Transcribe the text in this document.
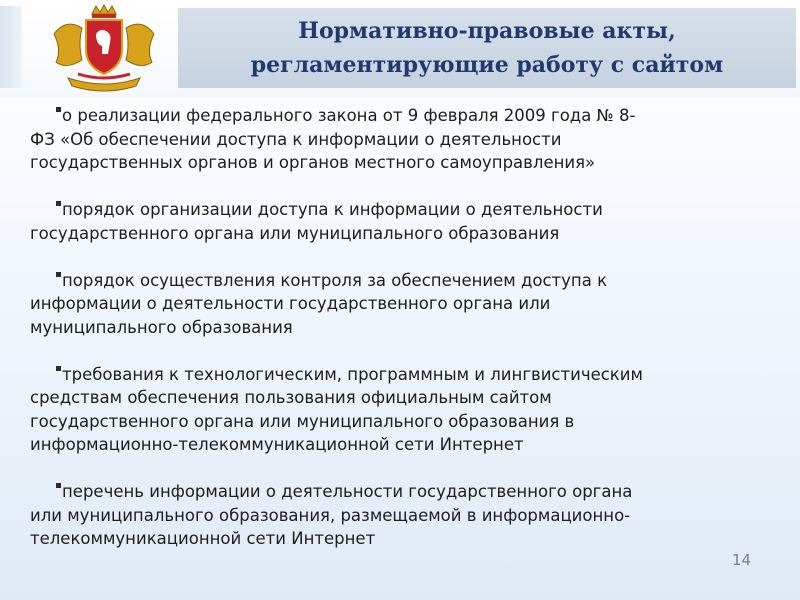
Нормативно-правовые акты,
регламентирующие работу с сайтом
о реализации федерального закона от 9 февраля 2009 года № 8-
ФЗ «Об обеспечении доступа к информации о деятельности
государственных органов и органов местного самоуправления»
порядок организации доступа к информации о деятельности
государственного органа или муниципального образования
порядок осуществления контроля за обеспечением доступа к
информации о деятельности государственного органа или
муниципального образования
требования к технологическим, программным и лингвистическим
средствам обеспечения пользования официальным сайтом
государственного органа или муниципального образования в
информационно-телекоммуникационной сети Интернет
перечень информации о деятельности государственного органа
или муниципального образования, размещаемой в информационно-
телекоммуникационной сети Интернет
14
